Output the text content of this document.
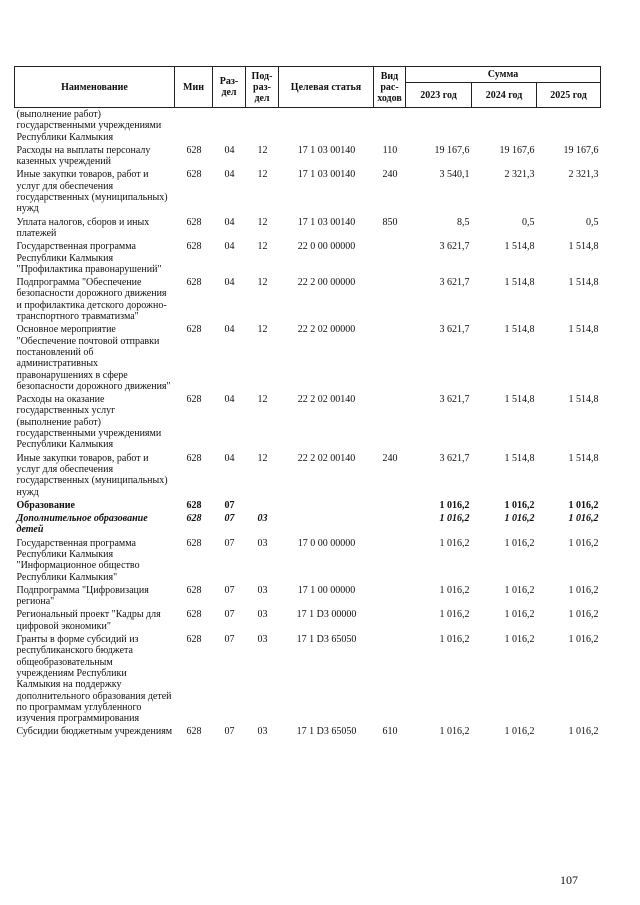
Наименование	Мин	Раз-дел	Под-раз-дел	Целевая статья	Вид рас-ходов	Сумма		
						2023 год	2024 год	2025 год
(выполнение работ) государственными учреждениями Республики Калмыкия								
Расходы на выплаты персоналу казенных учреждений	628	04	12	17 1 03 00140	110	19 167,6	19 167,6	19 167,6
Иные закупки товаров, работ и услуг для обеспечения государственных (муниципальных) нужд	628	04	12	17 1 03 00140	240	3 540,1	2 321,3	2 321,3
Уплата налогов, сборов и иных платежей	628	04	12	17 1 03 00140	850	8,5	0,5	0,5
Государственная программа Республики Калмыкия "Профилактика правонарушений"	628	04	12	22 0 00 00000		3 621,7	1 514,8	1 514,8
Подпрограмма "Обеспечение безопасности дорожного движения и профилактика детского дорожно-транспортного травматизма"	628	04	12	22 2 00 00000		3 621,7	1 514,8	1 514,8
Основное мероприятие "Обеспечение почтовой отправки постановлений об административных правонарушениях в сфере безопасности дорожного движения"	628	04	12	22 2 02 00000		3 621,7	1 514,8	1 514,8
Расходы на оказание государственных услуг (выполнение работ) государственными учреждениями Республики Калмыкия	628	04	12	22 2 02 00140		3 621,7	1 514,8	1 514,8
Иные закупки товаров, работ и услуг для обеспечения государственных (муниципальных) нужд	628	04	12	22 2 02 00140	240	3 621,7	1 514,8	1 514,8
Образование	628	07				1 016,2	1 016,2	1 016,2
Дополнительное образование детей	628	07	03			1 016,2	1 016,2	1 016,2
Государственная программа Республики Калмыкия "Информационное общество Республики Калмыкия"	628	07	03	17 0 00 00000		1 016,2	1 016,2	1 016,2
Подпрограмма "Цифровизация региона"	628	07	03	17 1 00 00000		1 016,2	1 016,2	1 016,2
Региональный проект "Кадры для цифровой экономики"	628	07	03	17 1 D3 00000		1 016,2	1 016,2	1 016,2
Гранты в форме субсидий из республиканского бюджета общеобразовательным учреждениям Республики Калмыкия на поддержку дополнительного образования детей по программам углубленного изучения программирования	628	07	03	17 1 D3 65050		1 016,2	1 016,2	1 016,2
Субсидии бюджетным учреждениям	628	07	03	17 1 D3 65050	610	1 016,2	1 016,2	1 016,2
107
